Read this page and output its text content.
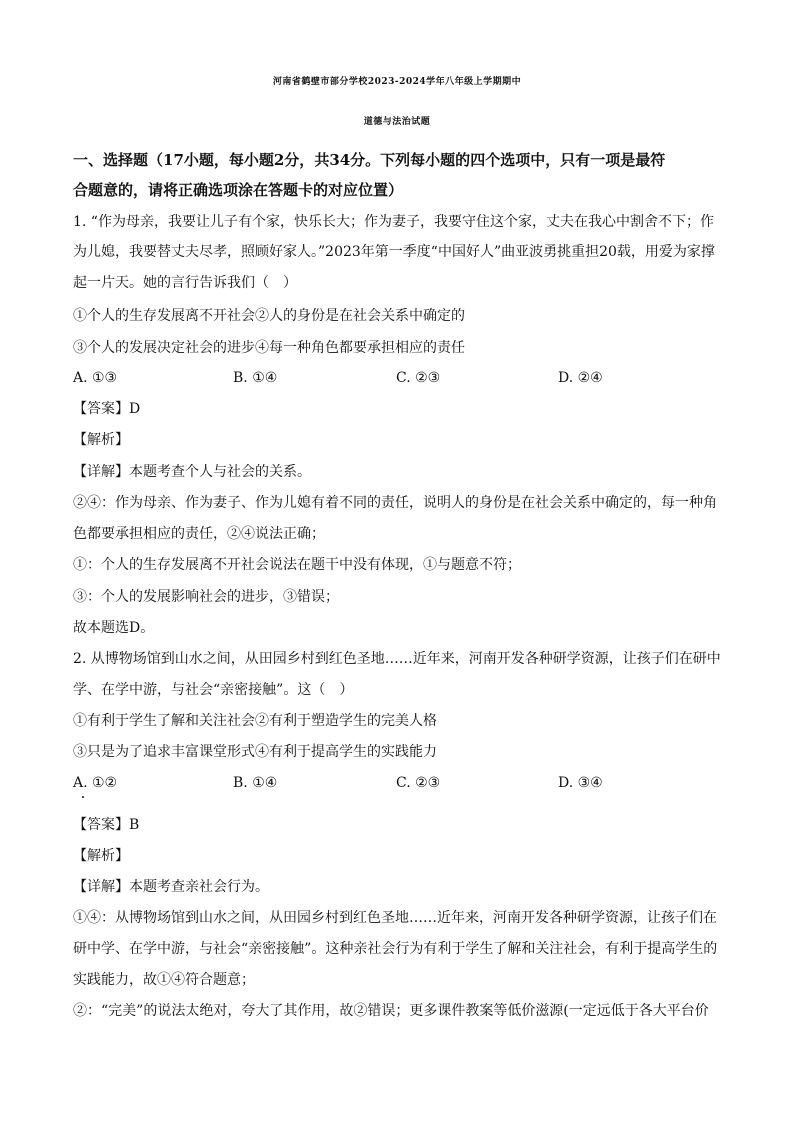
河南省鹤壁市部分学校2023-2024学年八年级上学期期中
道德与法治试题
一、选择题（17小题，每小题2分，共34分。下列每小题的四个选项中，只有一项是最符
合题意的，请将正确选项涂在答题卡的对应位置）
1. “作为母亲，我要让儿子有个家，快乐长大；作为妻子，我要守住这个家，丈夫在我心中割舍不下；作
为儿媳，我要替丈夫尽孝，照顾好家人。”2023年第一季度“中国好人”曲亚波勇挑重担20载，用爱为家撑
起一片天。她的言行告诉我们（　）
①个人的生存发展离不开社会②人的身份是在社会关系中确定的
③个人的发展决定社会的进步④每一种角色都要承担相应的责任
A. ①③	B. ①④	C. ②③	D. ②④
【答案】D
【解析】
【详解】本题考查个人与社会的关系。
②④：作为母亲、作为妻子、作为儿媳有着不同的责任，说明人的身份是在社会关系中确定的，每一种角
色都要承担相应的责任，②④说法正确；
①：个人的生存发展离不开社会说法在题干中没有体现，①与题意不符；
③：个人的发展影响社会的进步，③错误；
故本题选D。
2. 从博物场馆到山水之间，从田园乡村到红色圣地……近年来，河南开发各种研学资源，让孩子们在研中
学、在学中游，与社会“亲密接触”。这（　）
①有利于学生了解和关注社会②有利于塑造学生的完美人格
③只是为了追求丰富课堂形式④有利于提高学生的实践能力
A. ①②	B. ①④	C. ②③	D. ③④
【答案】B
【解析】
【详解】本题考查亲社会行为。
①④：从博物场馆到山水之间，从田园乡村到红色圣地……近年来，河南开发各种研学资源，让孩子们在
研中学、在学中游，与社会“亲密接触”。这种亲社会行为有利于学生了解和关注社会，有利于提高学生的
实践能力，故①④符合题意；
②：“完美”的说法太绝对，夸大了其作用，故②错误；更多课件教案等低价滋源(一定远低于各大平台价
